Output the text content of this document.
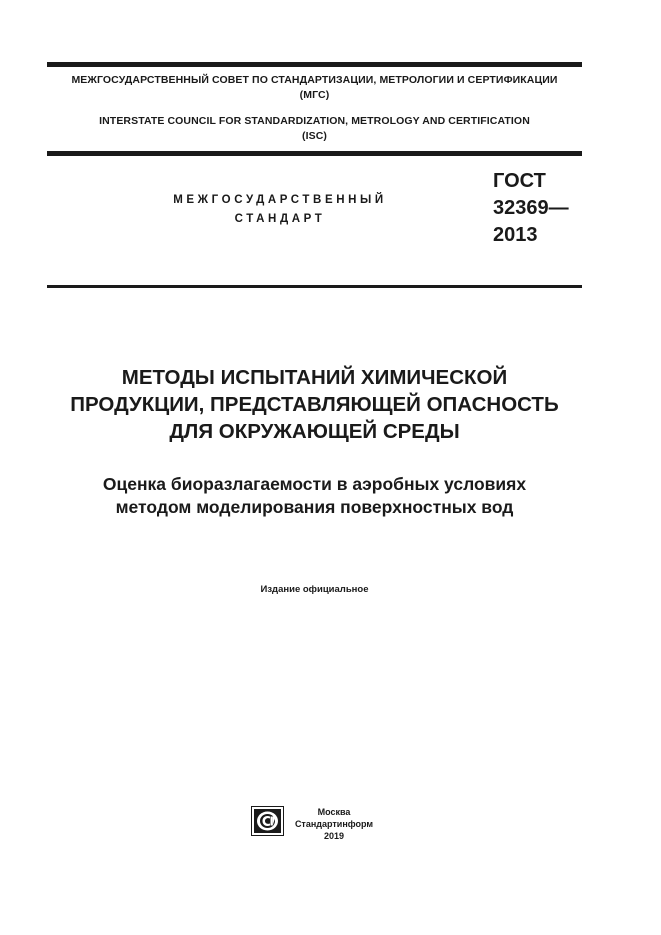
МЕЖГОСУДАРСТВЕННЫЙ СОВЕТ ПО СТАНДАРТИЗАЦИИ, МЕТРОЛОГИИ И СЕРТИФИКАЦИИ
(МГС)
INTERSTATE COUNCIL FOR STANDARDIZATION, METROLOGY AND CERTIFICATION
(ISC)
МЕЖГОСУДАРСТВЕННЫЙ
СТАНДАРТ
ГОСТ
32369—
2013
МЕТОДЫ ИСПЫТАНИЙ ХИМИЧЕСКОЙ
ПРОДУКЦИИ, ПРЕДСТАВЛЯЮЩЕЙ ОПАСНОСТЬ
ДЛЯ ОКРУЖАЮЩЕЙ СРЕДЫ
Оценка биоразлагаемости в аэробных условиях
методом моделирования поверхностных вод
Издание официальное
Москва
Стандартинформ
2019
